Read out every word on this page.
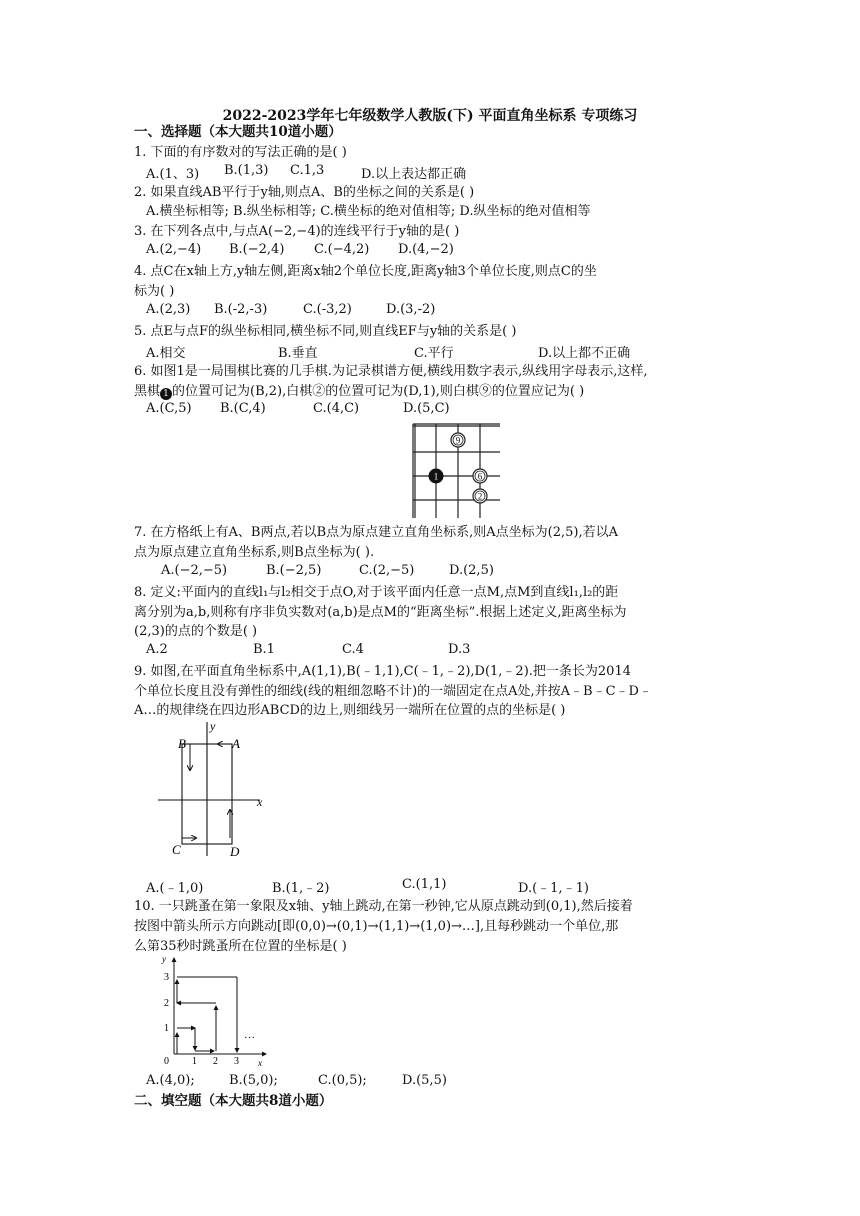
2022-2023学年七年级数学人教版(下) 平面直角坐标系 专项练习
一、选择题（本大题共10道小题）
1. 下面的有序数对的写法正确的是( )
A.(1、3) B.(1,3) C.1,3	D.以上表达都正确
2. 如果直线AB平行于y轴,则点A、B的坐标之间的关系是( )
A.横坐标相等; B.纵坐标相等; C.横坐标的绝对值相等; D.纵坐标的绝对值相等
3. 在下列各点中,与点A(−2,−4)的连线平行于y轴的是( )
A.(2,−4) B.(−2,4) C.(−4,2) D.(4,−2)
4. 点C在x轴上方,y轴左侧,距离x轴2个单位长度,距离y轴3个单位长度,则点C的坐
标为( )
A.(2,3) B.(-2,-3)	C.(-3,2)	D.(3,-2)
5. 点E与点F的纵坐标相同,横坐标不同,则直线EF与y轴的关系是( )
A.相交	B.垂直	C.平行	D.以上都不正确
6. 如图1是一局围棋比赛的几手棋.为记录棋谱方便,横线用数字表示,纵线用字母表示,这样,
黑棋 1 的位置可记为(B,2),白棋②的位置可记为(D,1),则白棋⑨的位置应记为( )
A.(C,5) B.(C,4)	C.(4,C)	D.(5,C)
9
1	6
2
7. 在方格纸上有A、B两点,若以B点为原点建立直角坐标系,则A点坐标为(2,5),若以A
点为原点建立直角坐标系,则B点坐标为( ).
A.(−2,−5)	B.(−2,5)	C.(2,−5)	D.(2,5)
8. 定义:平面内的直线l₁与l₂相交于点O,对于该平面内任意一点M,点M到直线l₁,l₂的距
离分别为a,b,则称有序非负实数对(a,b)是点M的“距离坐标”.根据上述定义,距离坐标为
(2,3)的点的个数是( )
A.2	B.1	C.4	D.3
9. 如图,在平面直角坐标系中,A(1,1),B(﹣1,1),C(﹣1,﹣2),D(1,﹣2).把一条长为2014
个单位长度且没有弹性的细线(线的粗细忽略不计)的一端固定在点A处,并按A﹣B﹣C﹣D﹣
A…的规律绕在四边形ABCD的边上,则细线另一端所在位置的点的坐标是( )
B	A
C	D
x
y
A.(﹣1,0)	B.(1,﹣2)	C.(1,1)	D.(﹣1,﹣1)
10. 一只跳蚤在第一象限及x轴、y轴上跳动,在第一秒钟,它从原点跳动到(0,1),然后接着
按图中箭头所示方向跳动[即(0,0)→(0,1)→(1,1)→(1,0)→…],且每秒跳动一个单位,那
么第35秒时跳蚤所在位置的坐标是( )
y
x
3
2
1
0 1 2 3
…
A.(4,0);	B.(5,0);	C.(0,5);	D.(5,5)
二、填空题（本大题共8道小题）
